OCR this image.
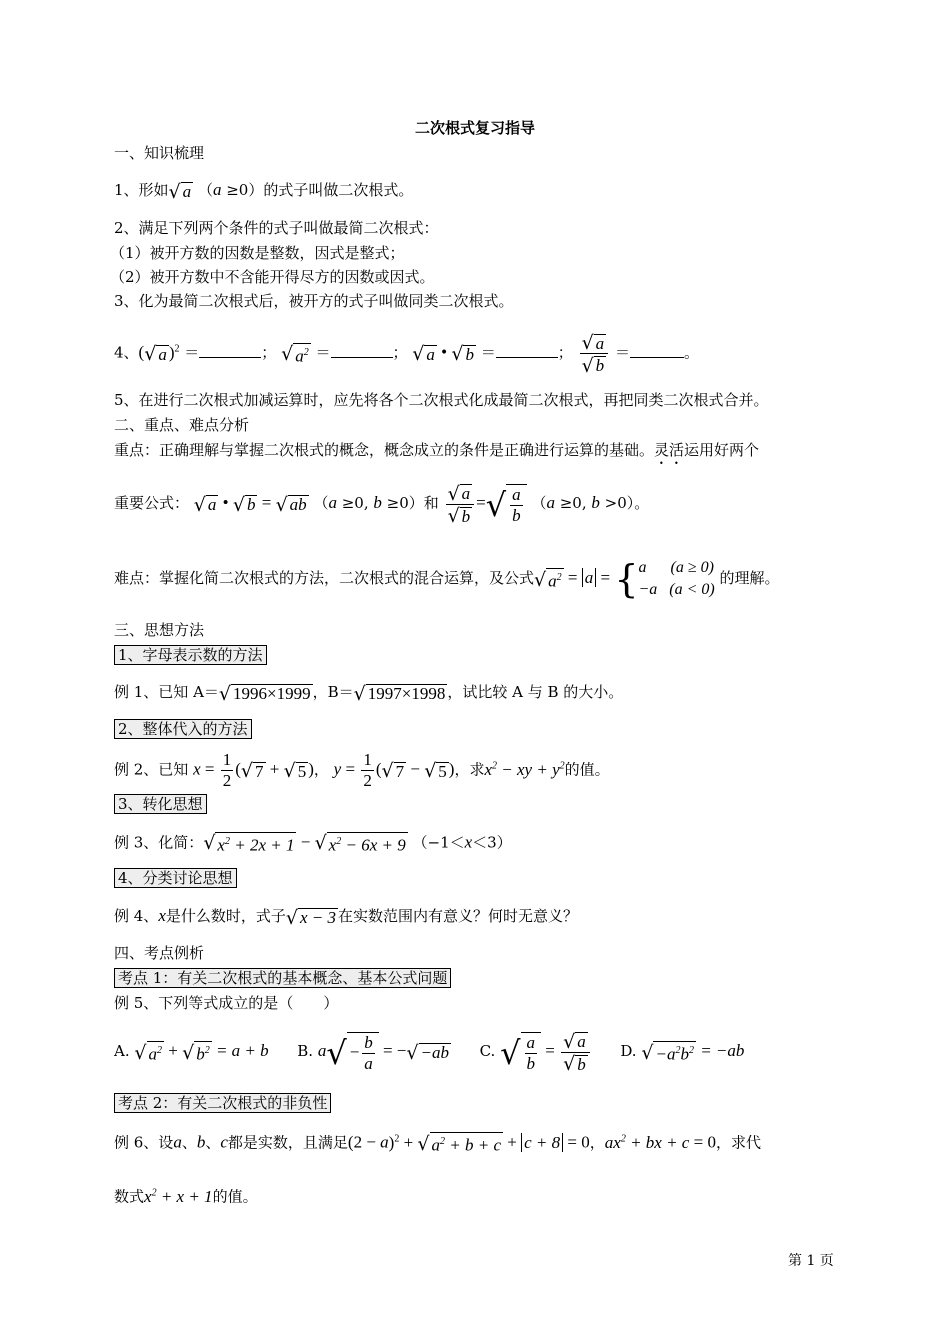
二次根式复习指导
一、知识梳理
1、形如√ a （a ≥0）的式子叫做二次根式。
2、满足下列两个条件的式子叫做最简二次根式：
（1）被开方数的因数是整数，因式是整式；
（2）被开方数中不含能开得尽方的因数或因式。
3、化为最简二次根式后，被开方的式子叫做同类二次根式。
4、(√ a )$^2$ ＝	； √ $a^2$ ＝	； √ a • √ b ＝	； $\frac{√ a}{√ b}$ ＝	。
5、在进行二次根式加减运算时，应先将各个二次根式化成最简二次根式，再把同类二次根式合并。
二、重点、难点分析
重点：正确理解与掌握二次根式的概念，概念成立的条件是正确进行运算的基础。灵活运用好两个
重要公式： √ a • √ b = √ ab （a ≥0, b ≥0）和 $\frac{√ a}{√ b}$ =√ $\frac{a}{b} (a \ge 0$, b >0）。
难点：掌握化简二次根式的方法，二次根式的混合运算，及公式√ $a^2 = a$ = { a (a ≥ 0)
−a (a < 0)
的理解。
三、思想方法
1、字母表示数的方法
例 1、已知 A＝√ 1996×1999 ，B＝√ 1997×1998 ，试比较 A 与 B 的大小。
2、整体代入的方法
例 2、已知 $x = \frac{1}{2}$ (√ 7 + √ 5 )， $y = \frac{1}{2}$ (√ 7 − √ 5 )，求$x^2$ − xy + $y^2$的值。
3、转化思想
例 3、化简：√ $x^2 + 2x + 1$ − √ $x^2 - 6x + 9$ （−1＜x＜3）
4、分类讨论思想
例 4、x是什么数时，式子√ x − 3 在实数范围内有意义？何时无意义？
四、考点例析
考点 1：有关二次根式的基本概念、基本公式问题
例 5、下列等式成立的是（　　）
A. √ $a^2$ + √ $b^2 = a + b$ B. $a√ - \frac{b}{a}$ = −√ −ab C. √ $\frac{a}{b} = \frac{√ a}{√ b} D$. √ $-a^2b^2 = -ab$
考点 2：有关二次根式的非负性
例 6、设a、b、c都是实数，且满足$(2 - a)^2$ + √ $a^2 + b + c + c + 8 = 0$，$ax^2$ + bx + c = 0，求代
数式$x^2 + x + 1$的值。
第 1 页
